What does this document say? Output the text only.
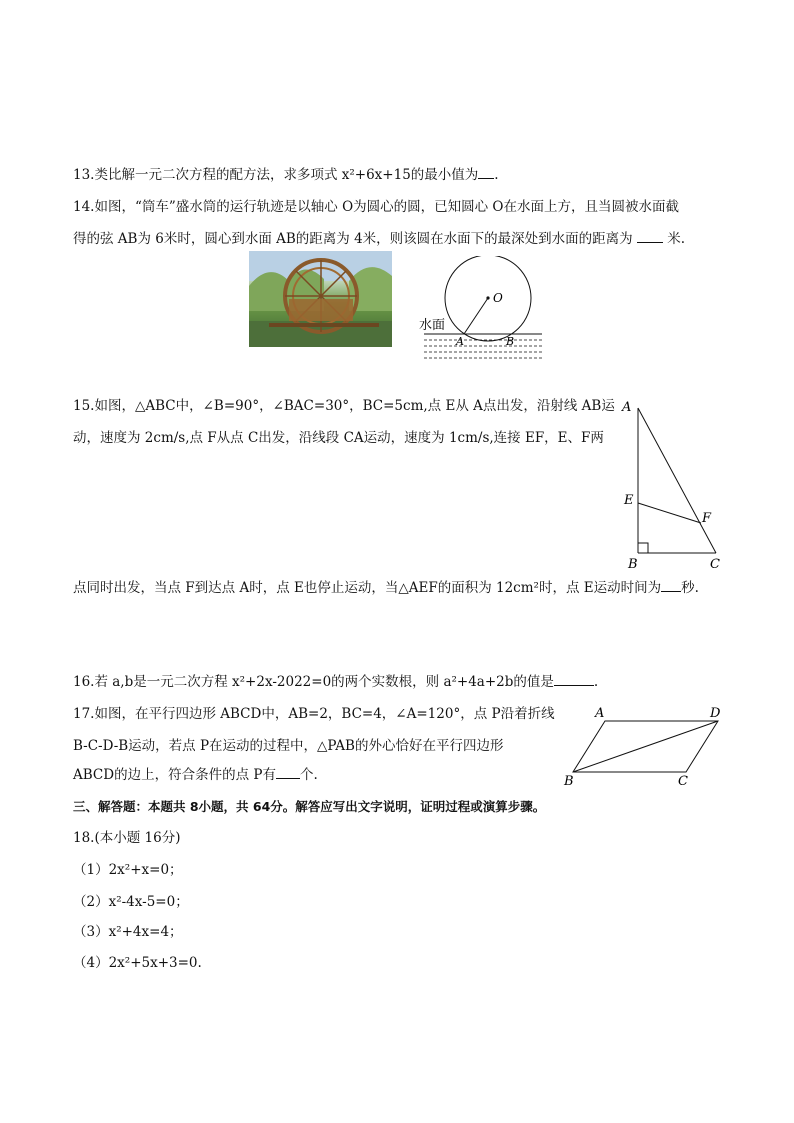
13.类比解一元二次方程的配方法，求多项式 x²+6x+15的最小值为 .
14.如图，“筒车”盛水筒的运行轨迹是以轴心 O为圆心的圆，已知圆心 O在水面上方，且当圆被水面截
得的弦 AB为 6米时，圆心到水面 AB的距离为 4米，则该圆在水面下的最深处到水面的距离为	米.
O
A	B
水面
15.如图，△ABC中，∠B=90°，∠BAC=30°，BC=5cm,点 E从 A点出发，沿射线 AB运
动，速度为 2cm/s,点 F从点 C出发，沿线段 CA运动，速度为 1cm/s,连接 EF，E、F两
点同时出发，当点 F到达点 A时，点 E也停止运动，当△AEF的面积为 12cm²时，点 E运动时间为 秒.
A
E
F
B	C
16.若 a,b是一元二次方程 x²+2x-2022=0的两个实数根，则 a²+4a+2b的值是	.
17.如图，在平行四边形 ABCD中，AB=2，BC=4，∠A=120°，点 P沿着折线
B-C-D-B运动，若点 P在运动的过程中，△PAB的外心恰好在平行四边形
ABCD的边上，符合条件的点 P有 个.
A	D
B	C
三、解答题：本题共 8小题，共 64分。解答应写出文字说明，证明过程或演算步骤。
18.(本小题 16分)
（1）2x²+x=0；
（2）x²-4x-5=0；
（3）x²+4x=4；
（4）2x²+5x+3=0.
